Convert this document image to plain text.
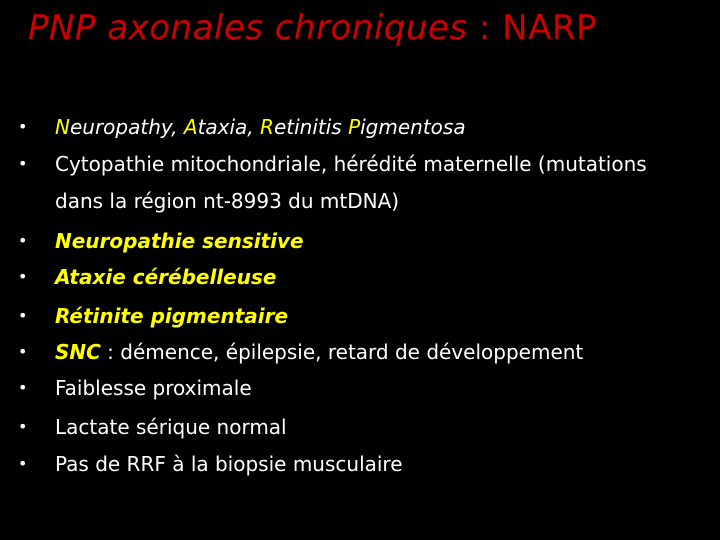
PNP axonales chroniques : NARP
• Neuropathy, Ataxia, Retinitis Pigmentosa
• Cytopathie mitochondriale, hérédité maternelle (mutations
dans la région nt-8993 du mtDNA)
• Neuropathie sensitive
• Ataxie cérébelleuse
• Rétinite pigmentaire
• SNC : démence, épilepsie, retard de développement
• Faiblesse proximale
• Lactate sérique normal
• Pas de RRF à la biopsie musculaire
